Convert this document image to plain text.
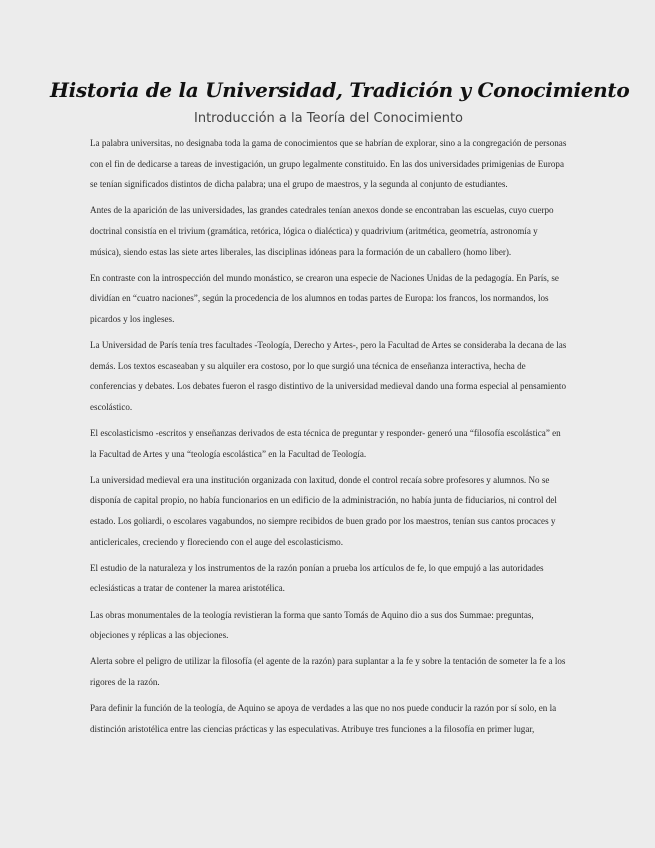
Historia de la Universidad, Tradición y Conocimiento
Introducción a la Teoría del Conocimiento

La palabra universitas, no designaba toda la gama de conocimientos que se habrían de explorar, sino a la congregación de personas con el fin de dedicarse a tareas de investigación, un grupo legalmente constituido. En las dos universidades primigenias de Europa se tenían significados distintos de dicha palabra; una el grupo de maestros, y la segunda al conjunto de estudiantes.

Antes de la aparición de las universidades, las grandes catedrales tenían anexos donde se encontraban las escuelas, cuyo cuerpo doctrinal consistía en el trivium (gramática, retórica, lógica o dialéctica) y quadrivium (aritmética, geometría, astronomía y música), siendo estas las siete artes liberales, las disciplinas idóneas para la formación de un caballero (homo liber).

En contraste con la introspección del mundo monástico, se crearon una especie de Naciones Unidas de la pedagogía. En París, se dividían en “cuatro naciones”, según la procedencia de los alumnos en todas partes de Europa: los francos, los normandos, los picardos y los ingleses.

La Universidad de París tenía tres facultades -Teología, Derecho y Artes-, pero la Facultad de Artes se consideraba la decana de las demás. Los textos escaseaban y su alquiler era costoso, por lo que surgió una técnica de enseñanza interactiva, hecha de conferencias y debates. Los debates fueron el rasgo distintivo de la universidad medieval dando una forma especial al pensamiento escolástico.

El escolasticismo -escritos y enseñanzas derivados de esta técnica de preguntar y responder- generó una “filosofía escolástica” en la Facultad de Artes y una “teología escolástica” en la Facultad de Teología.

La universidad medieval era una institución organizada con laxitud, donde el control recaía sobre profesores y alumnos. No se disponía de capital propio, no había funcionarios en un edificio de la administración, no había junta de fiduciarios, ni control del estado. Los goliardi, o escolares vagabundos, no siempre recibidos de buen grado por los maestros, tenían sus cantos procaces y anticlericales, creciendo y floreciendo con el auge del escolasticismo.

El estudio de la naturaleza y los instrumentos de la razón ponían a prueba los artículos de fe, lo que empujó a las autoridades eclesiásticas a tratar de contener la marea aristotélica.

Las obras monumentales de la teología revistieran la forma que santo Tomás de Aquino dio a sus dos Summae: preguntas, objeciones y réplicas a las objeciones.

Alerta sobre el peligro de utilizar la filosofía (el agente de la razón) para suplantar a la fe y sobre la tentación de someter la fe a los rigores de la razón.

Para definir la función de la teología, de Aquino se apoya de verdades a las que no nos puede conducir la razón por sí solo, en la distinción aristotélica entre las ciencias prácticas y las especulativas. Atribuye tres funciones a la filosofía en primer lugar,
